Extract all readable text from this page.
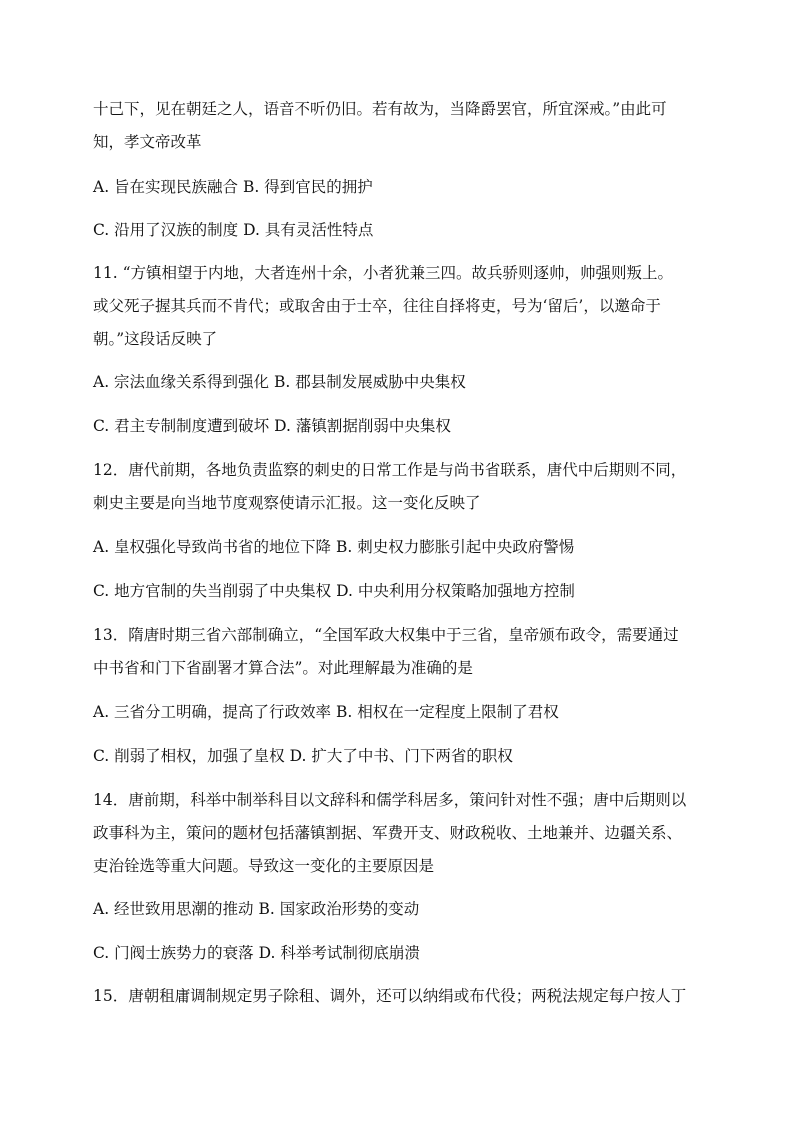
十己下，见在朝廷之人，语音不听仍旧。若有故为，当降爵罢官，所宜深戒。”由此可
知，孝文帝改革
A. 旨在实现民族融合 B. 得到官民的拥护
C. 沿用了汉族的制度 D. 具有灵活性特点
11. “方镇相望于内地，大者连州十余，小者犹兼三四。故兵骄则逐帅，帅强则叛上。
或父死子握其兵而不肯代；或取舍由于士卒，往往自择将吏，号为‘留后’，以邀命于
朝。”这段话反映了
A. 宗法血缘关系得到强化 B. 郡县制发展威胁中央集权
C. 君主专制制度遭到破坏 D. 藩镇割据削弱中央集权
12．唐代前期，各地负责监察的刺史的日常工作是与尚书省联系，唐代中后期则不同，
刺史主要是向当地节度观察使请示汇报。这一变化反映了
A. 皇权强化导致尚书省的地位下降 B. 刺史权力膨胀引起中央政府警惕
C. 地方官制的失当削弱了中央集权 D. 中央利用分权策略加强地方控制
13．隋唐时期三省六部制确立，“全国军政大权集中于三省，皇帝颁布政令，需要通过
中书省和门下省副署才算合法”。对此理解最为准确的是
A. 三省分工明确，提高了行政效率 B. 相权在一定程度上限制了君权
C. 削弱了相权，加强了皇权 D. 扩大了中书、门下两省的职权
14．唐前期，科举中制举科目以文辞科和儒学科居多，策问针对性不强；唐中后期则以
政事科为主，策问的题材包括藩镇割据、军费开支、财政税收、土地兼并、边疆关系、
吏治铨选等重大问题。导致这一变化的主要原因是
A. 经世致用思潮的推动 B. 国家政治形势的变动
C. 门阀士族势力的衰落 D. 科举考试制彻底崩溃
15．唐朝租庸调制规定男子除租、调外，还可以纳绢或布代役；两税法规定每户按人丁
